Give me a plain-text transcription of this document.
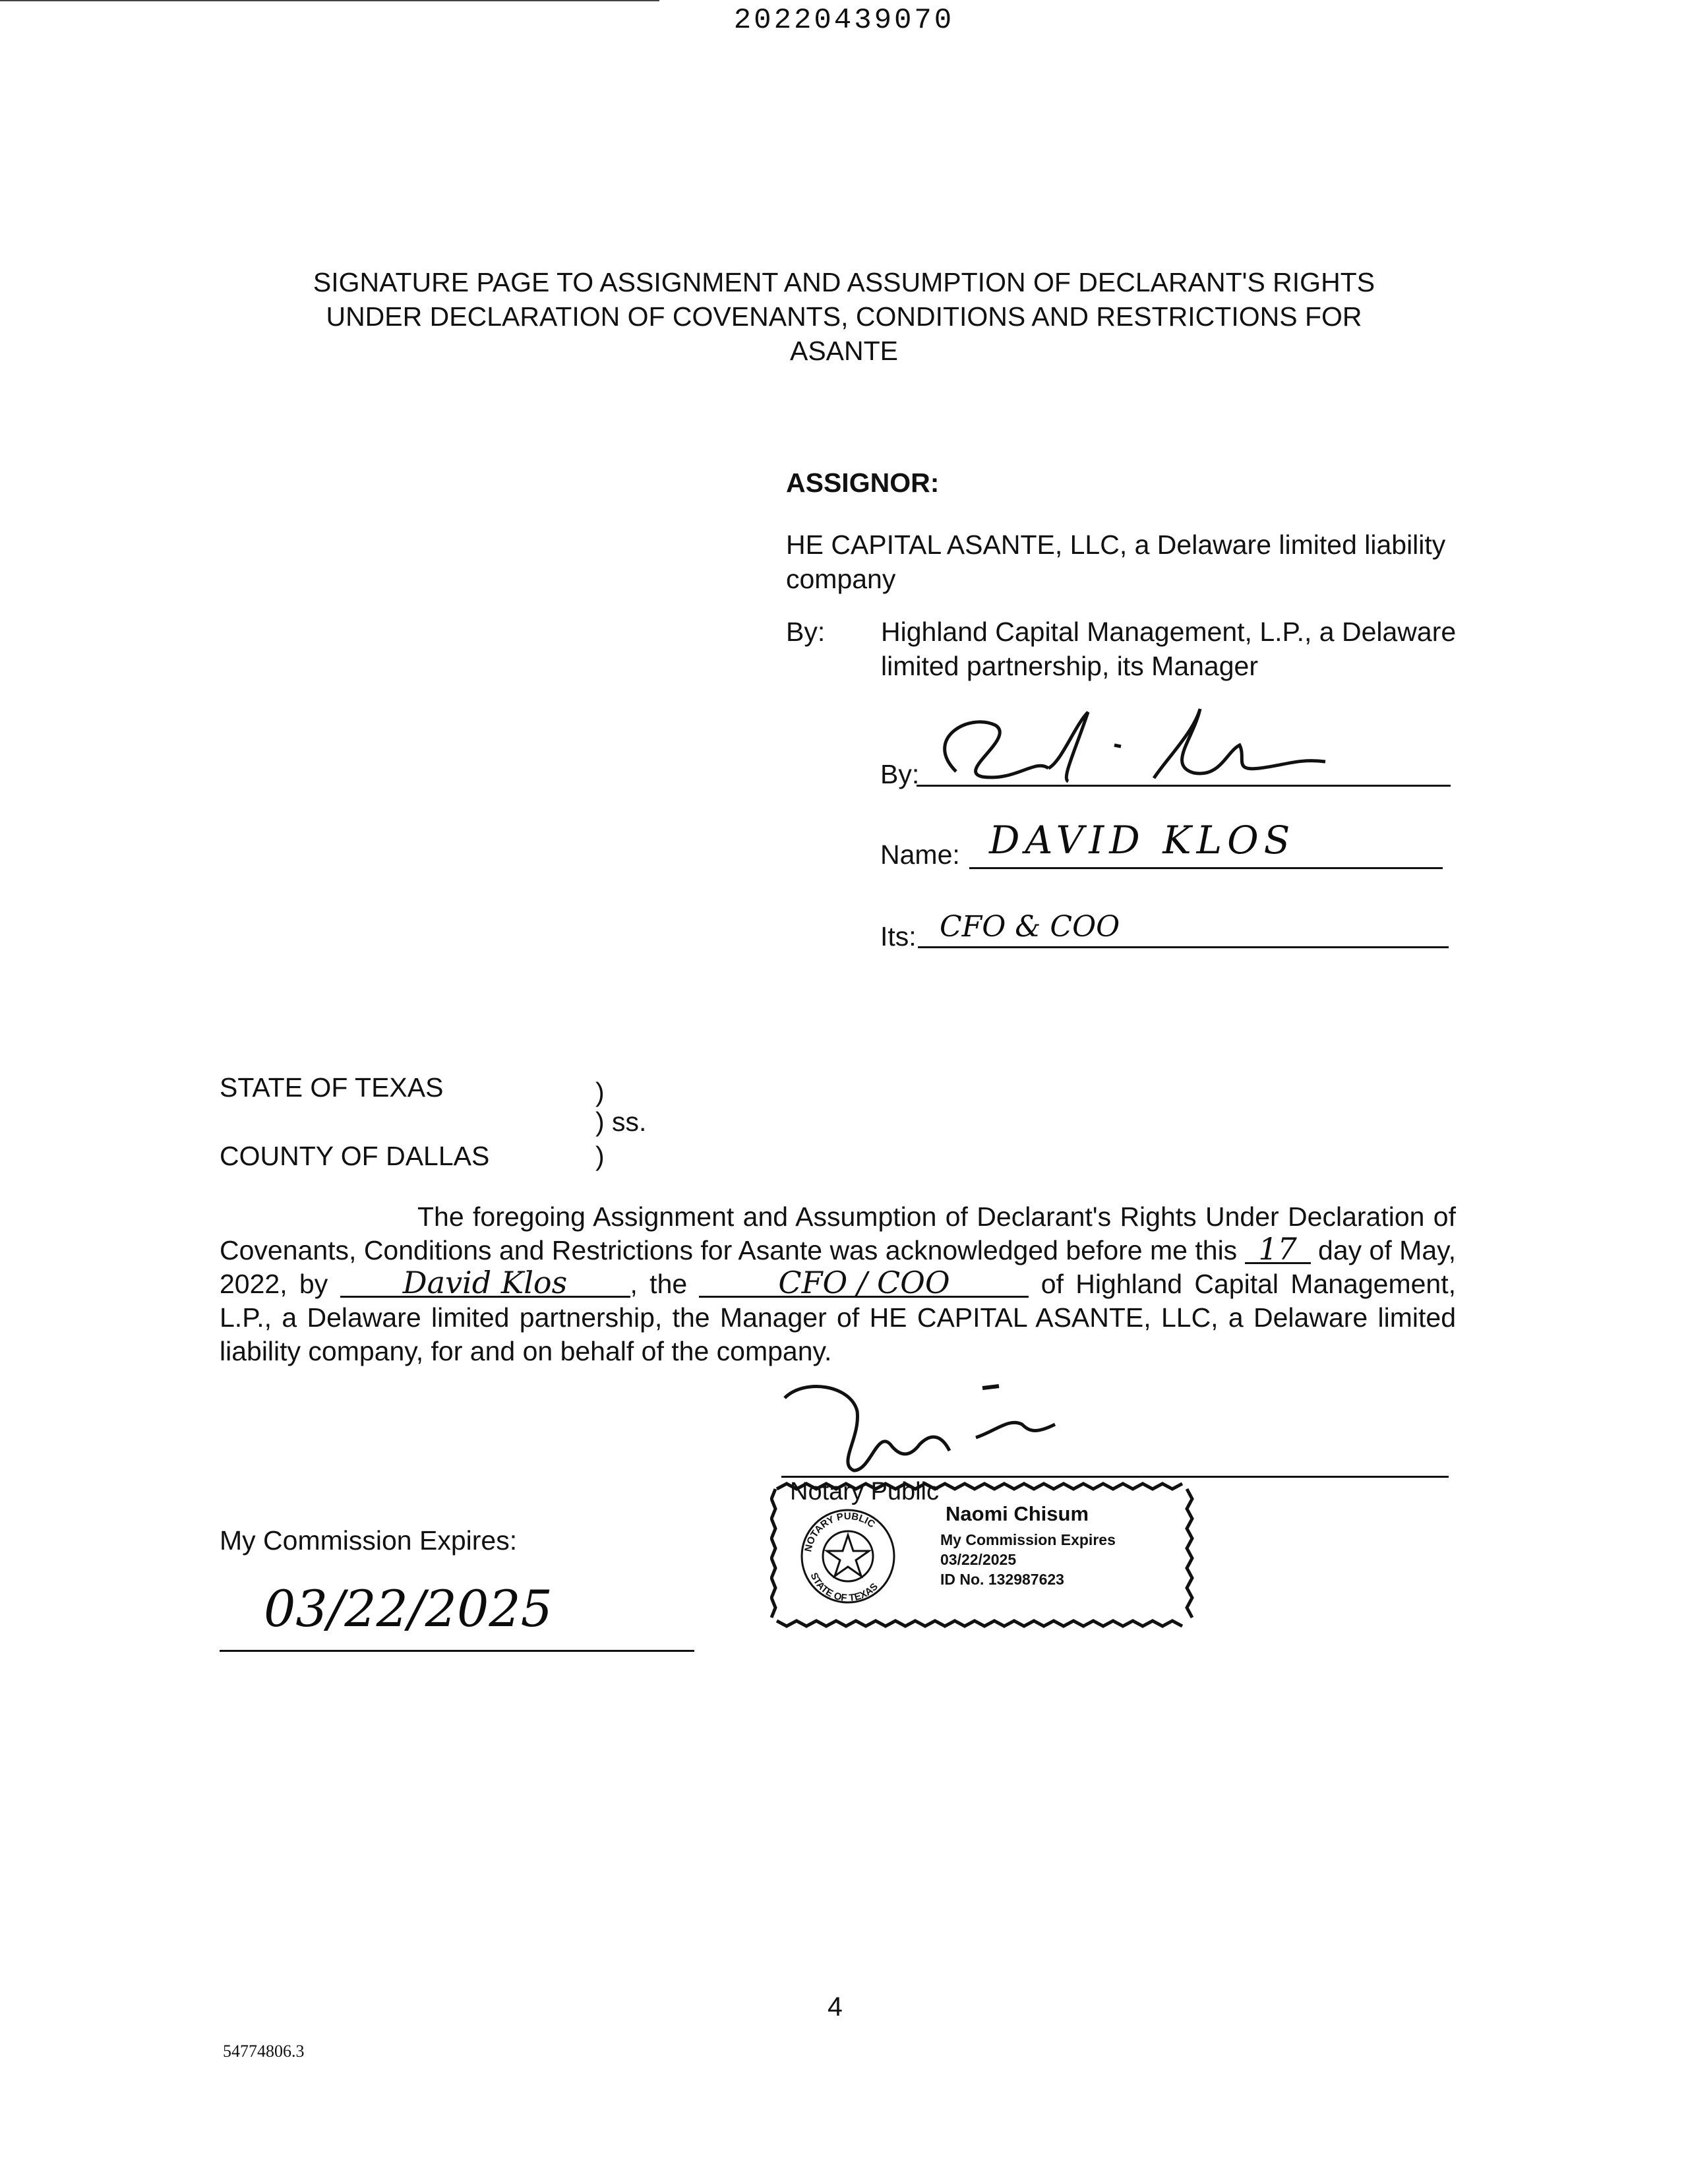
20220439070
SIGNATURE PAGE TO ASSIGNMENT AND ASSUMPTION OF DECLARANT'S RIGHTS
UNDER DECLARATION OF COVENANTS, CONDITIONS AND RESTRICTIONS FOR
ASANTE
ASSIGNOR:
HE CAPITAL ASANTE, LLC, a Delaware limited liability company
By:	Highland Capital Management, L.P., a Delaware limited partnership, its Manager
By:
Name: DAVID KLOS
Its: CFO & COO
STATE OF TEXAS	)
) ss.
COUNTY OF DALLAS	)
The foregoing Assignment and Assumption of Declarant's Rights Under Declaration of Covenants, Conditions and Restrictions for Asante was acknowledged before me this 17 day of May, 2022, by David Klos , the	CFO / COO	of Highland Capital Management, L.P., a Delaware limited partnership, the Manager of HE CAPITAL ASANTE, LLC, a Delaware limited liability company, for and on behalf of the company.
NOTARY PUBLIC
STATE OF TEXAS
Notary Public
Naomi Chisum
My Commission Expires
03/22/2025
ID No. 132987623
My Commission Expires:
03/22/2025
4
54774806.3
